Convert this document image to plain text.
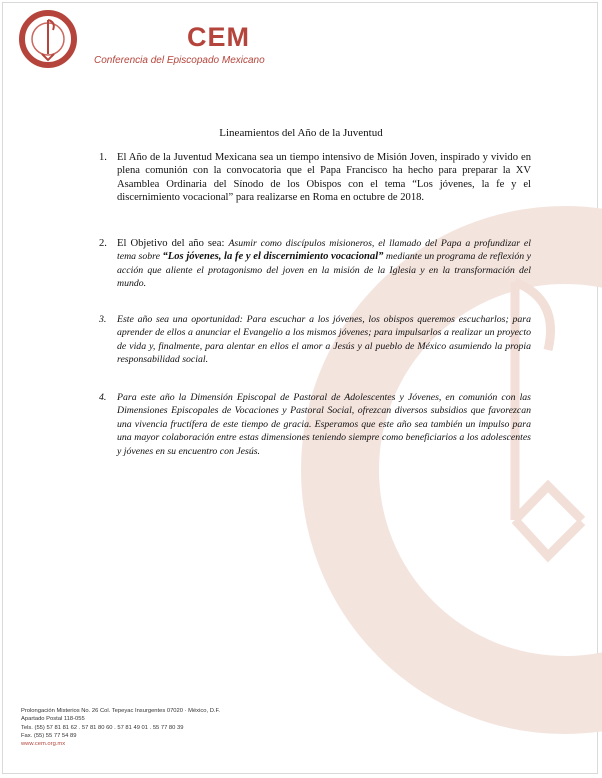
CEM
Conferencia del Episcopado Mexicano
Lineamientos del Año de la Juventud
1. El Año de la Juventud Mexicana sea un tiempo intensivo de Misión Joven, inspirado y vivido en plena comunión con la convocatoria que el Papa Francisco ha hecho para preparar la XV Asamblea Ordinaria del Sínodo de los Obispos con el tema “Los jóvenes, la fe y el discernimiento vocacional” para realizarse en Roma en octubre de 2018.
2. El Objetivo del año sea: Asumir como discípulos misioneros, el llamado del Papa a profundizar el tema sobre “Los jóvenes, la fe y el discernimiento vocacional” mediante un programa de reflexión y acción que aliente el protagonismo del joven en la misión de la Iglesia y en la transformación del mundo.
3. Este año sea una oportunidad: Para escuchar a los jóvenes, los obispos queremos escucharlos; para aprender de ellos a anunciar el Evangelio a los mismos jóvenes; para impulsarlos a realizar un proyecto de vida y, finalmente, para alentar en ellos el amor a Jesús y al pueblo de México asumiendo la propia responsabilidad social.
4. Para este año la Dimensión Episcopal de Pastoral de Adolescentes y Jóvenes, en comunión con las Dimensiones Episcopales de Vocaciones y Pastoral Social, ofrezcan diversos subsidios que favorezcan una vivencia fructífera de este tiempo de gracia. Esperamos que este año sea también un impulso para una mayor colaboración entre estas dimensiones teniendo siempre como beneficiarios a los adolescentes y jóvenes en su encuentro con Jesús.
Prolongación Misterios No. 26 Col. Tepeyac Insurgentes 07020 · México, D.F.
Apartado Postal 118-055
Tels. (55) 57 81 81 62 . 57 81 80 60 . 57 81 49 01 . 55 77 80 39
Fax. (55) 55 77 54 89
www.cem.org.mx
